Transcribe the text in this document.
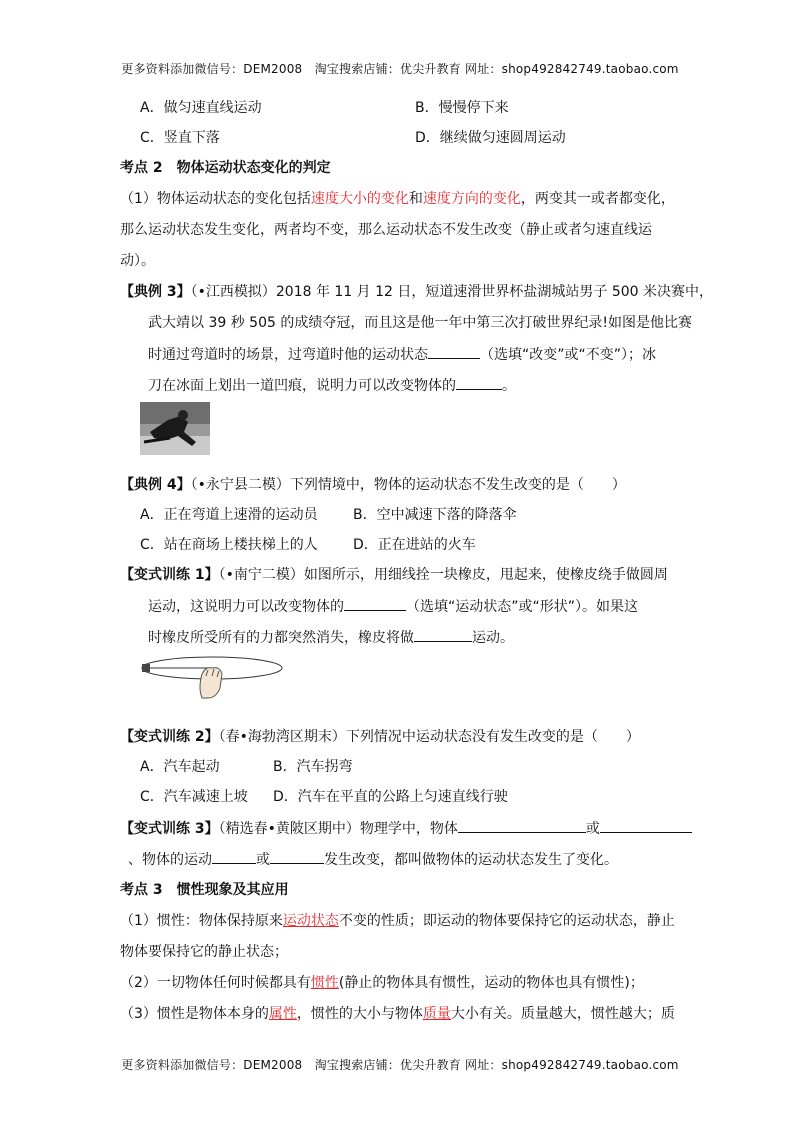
更多资料添加微信号：DEM2008　淘宝搜索店铺：优尖升教育 网址：shop492842749.taobao.com
A．做匀速直线运动	B．慢慢停下来
C．竖直下落	D．继续做匀速圆周运动
考点 2　物体运动状态变化的判定
（1）物体运动状态的变化包括速度大小的变化和速度方向的变化，两变其一或者都变化，
那么运动状态发生变化，两者均不变，那么运动状态不发生改变（静止或者匀速直线运
动）。
【典例 3】（•江西模拟）2018 年 11 月 12 日，短道速滑世界杯盐湖城站男子 500 米决赛中，
武大靖以 39 秒 505 的成绩夺冠，而且这是他一年中第三次打破世界纪录!如图是他比赛
时通过弯道时的场景，过弯道时他的运动状态	（选填“改变”或“不变”）；冰
刀在冰面上划出一道凹痕，说明力可以改变物体的	。
【典例 4】（•永宁县二模）下列情境中，物体的运动状态不发生改变的是（　　）
A．正在弯道上速滑的运动员	B．空中减速下落的降落伞
C．站在商场上楼扶梯上的人	D．正在进站的火车
【变式训练 1】（•南宁二模）如图所示，用细线拴一块橡皮，甩起来，使橡皮绕手做圆周
运动，这说明力可以改变物体的	（选填“运动状态”或“形状”）。如果这
时橡皮所受所有的力都突然消失，橡皮将做	运动。
【变式训练 2】（春•海勃湾区期末）下列情况中运动状态没有发生改变的是（　　）
A．汽车起动	B．汽车拐弯
C．汽车减速上坡 D．汽车在平直的公路上匀速直线行驶
【变式训练 3】（精选春•黄陂区期中）物理学中，物体	或
、物体的运动	或	发生改变，都叫做物体的运动状态发生了变化。
考点 3　惯性现象及其应用
（1）惯性：物体保持原来运动状态不变的性质；即运动的物体要保持它的运动状态，静止
物体要保持它的静止状态；
（2）一切物体任何时候都具有惯性(静止的物体具有惯性，运动的物体也具有惯性)；
（3）惯性是物体本身的属性，惯性的大小与物体质量大小有关。质量越大，惯性越大；质
更多资料添加微信号：DEM2008　淘宝搜索店铺：优尖升教育 网址：shop492842749.taobao.com
